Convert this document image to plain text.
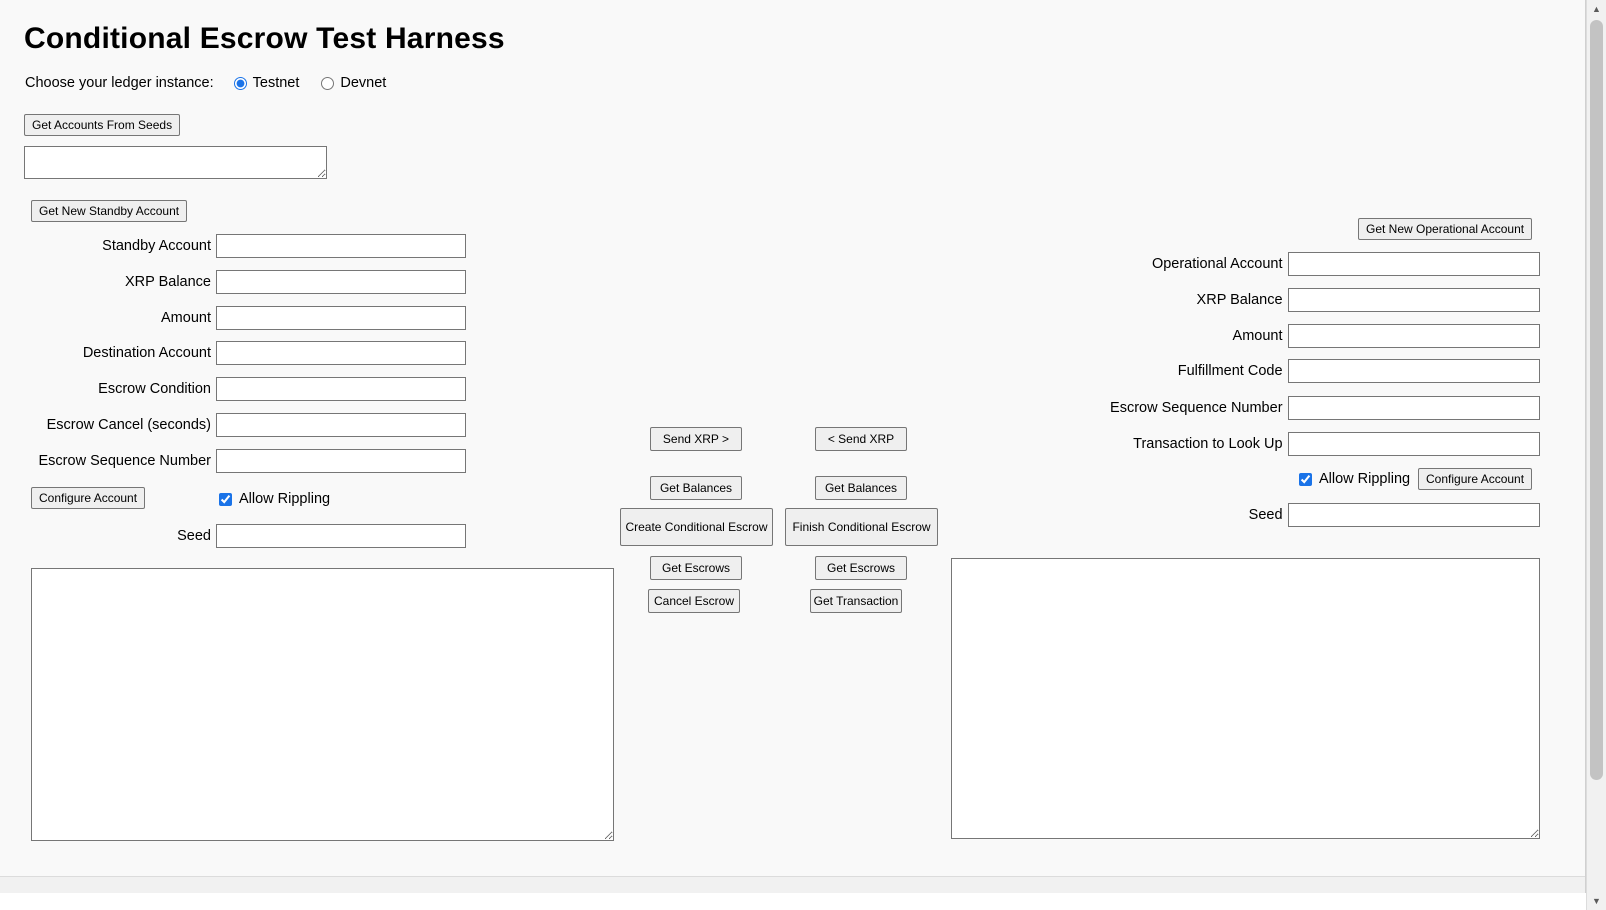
Conditional Escrow Test Harness
Choose your ledger instance:	Testnet	Devnet
Get Accounts From Seeds
Get New Standby Account
Standby Account
XRP Balance
Amount
Destination Account
Escrow Condition
Escrow Cancel (seconds)
Escrow Sequence Number
Configure Account	Allow Rippling
Seed
Send XRP >
Get Balances
Create Conditional Escrow
Get Escrows
Cancel Escrow
< Send XRP
Get Balances
Finish Conditional Escrow
Get Escrows
Get Transaction
Get New Operational Account
Operational Account
XRP Balance
Amount
Fulfillment Code
Escrow Sequence Number
Transaction to Look Up
Allow Rippling	Configure Account
Seed
▲
▼
